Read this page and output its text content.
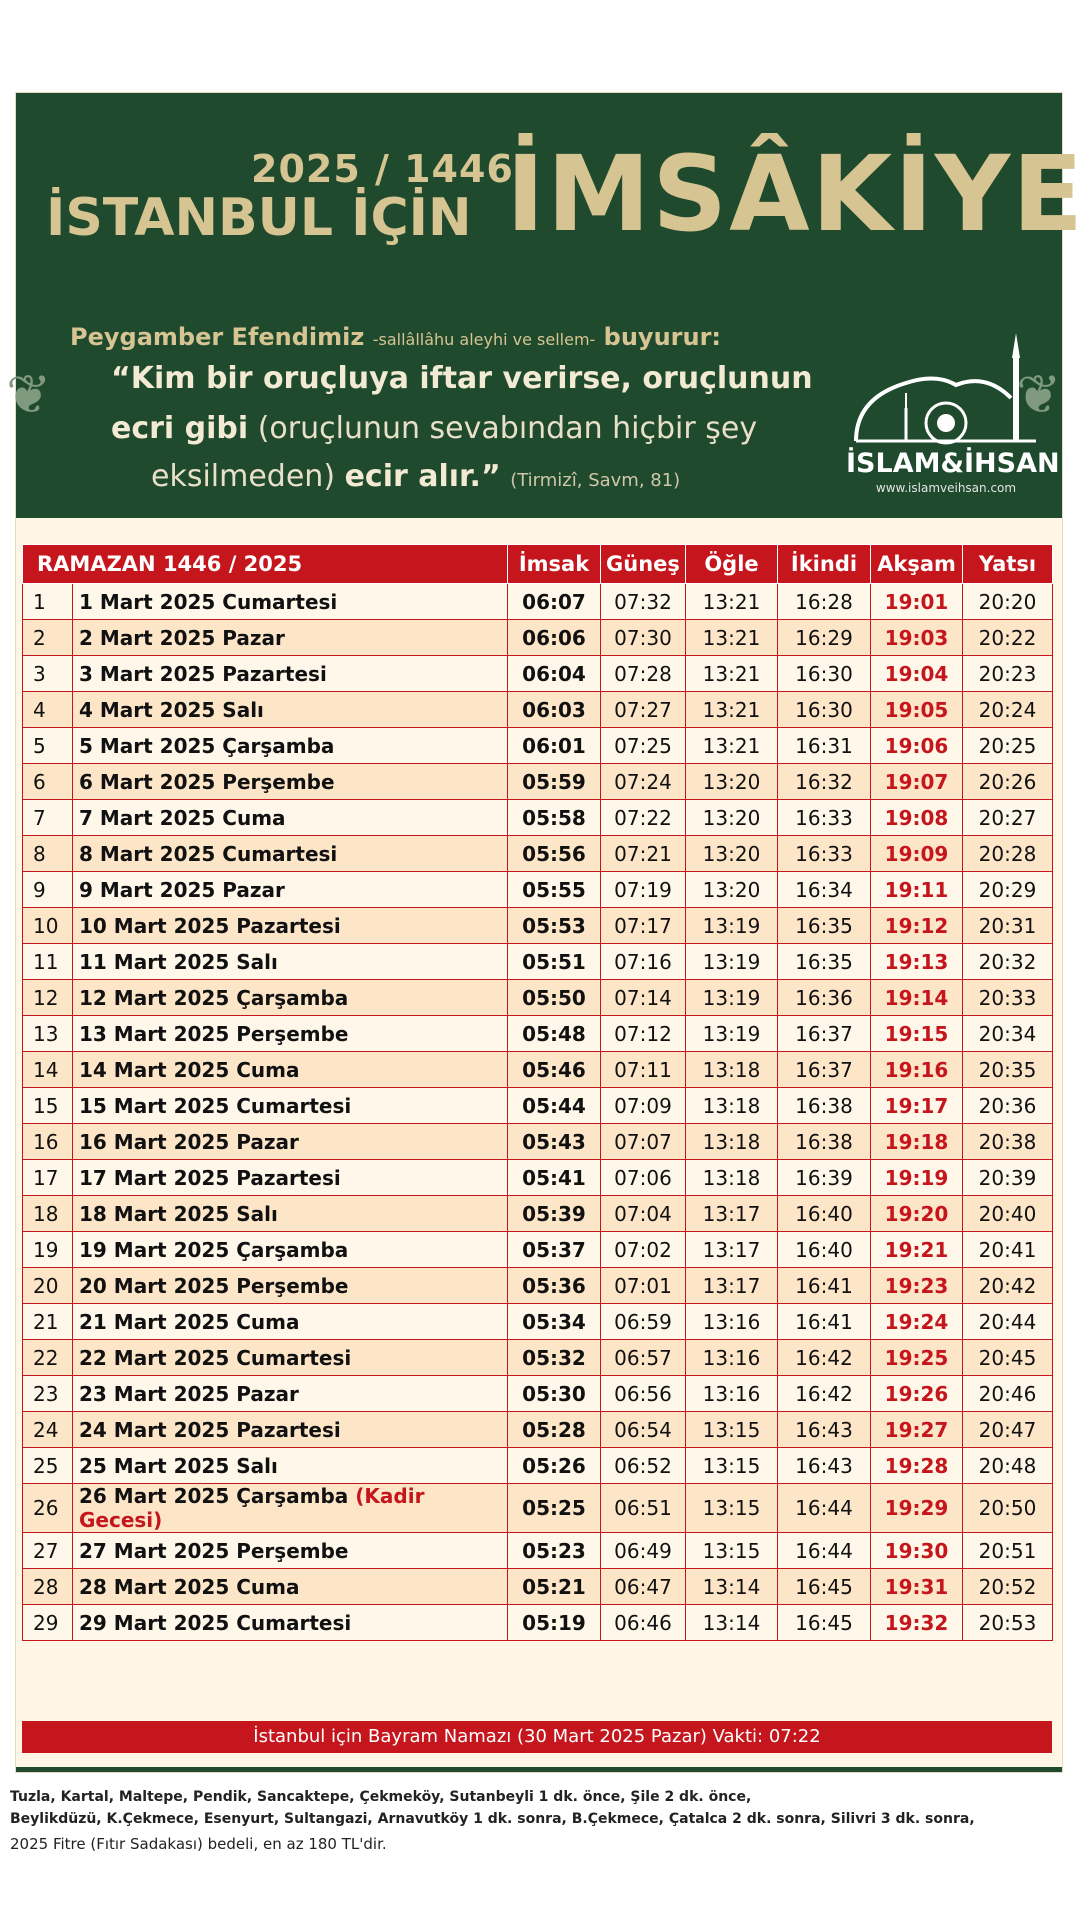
2025 / 1446
İSTANBUL İÇİN İMSÂKİYE
❦	❦
Peygamber Efendimiz -sallâllâhu aleyhi ve sellem- buyurur:
“Kim bir oruçluya iftar verirse, oruçlunun
ecri gibi (oruçlunun sevabından hiçbir şey
eksilmeden) ecir alır.” (Tirmizî, Savm, 81)
İSLAM&İHSAN
www.islamveihsan.com
RAMAZAN 1446 / 2025		İmsak	Güneş	Öğle	İkindi	Akşam	Yatsı
1	1 Mart 2025 Cumartesi	06:07	07:32	13:21	16:28	19:01	20:20
2	2 Mart 2025 Pazar	06:06	07:30	13:21	16:29	19:03	20:22
3	3 Mart 2025 Pazartesi	06:04	07:28	13:21	16:30	19:04	20:23
4	4 Mart 2025 Salı	06:03	07:27	13:21	16:30	19:05	20:24
5	5 Mart 2025 Çarşamba	06:01	07:25	13:21	16:31	19:06	20:25
6	6 Mart 2025 Perşembe	05:59	07:24	13:20	16:32	19:07	20:26
7	7 Mart 2025 Cuma	05:58	07:22	13:20	16:33	19:08	20:27
8	8 Mart 2025 Cumartesi	05:56	07:21	13:20	16:33	19:09	20:28
9	9 Mart 2025 Pazar	05:55	07:19	13:20	16:34	19:11	20:29
10	10 Mart 2025 Pazartesi	05:53	07:17	13:19	16:35	19:12	20:31
11	11 Mart 2025 Salı	05:51	07:16	13:19	16:35	19:13	20:32
12	12 Mart 2025 Çarşamba	05:50	07:14	13:19	16:36	19:14	20:33
13	13 Mart 2025 Perşembe	05:48	07:12	13:19	16:37	19:15	20:34
14	14 Mart 2025 Cuma	05:46	07:11	13:18	16:37	19:16	20:35
15	15 Mart 2025 Cumartesi	05:44	07:09	13:18	16:38	19:17	20:36
16	16 Mart 2025 Pazar	05:43	07:07	13:18	16:38	19:18	20:38
17	17 Mart 2025 Pazartesi	05:41	07:06	13:18	16:39	19:19	20:39
18	18 Mart 2025 Salı	05:39	07:04	13:17	16:40	19:20	20:40
19	19 Mart 2025 Çarşamba	05:37	07:02	13:17	16:40	19:21	20:41
20	20 Mart 2025 Perşembe	05:36	07:01	13:17	16:41	19:23	20:42
21	21 Mart 2025 Cuma	05:34	06:59	13:16	16:41	19:24	20:44
22	22 Mart 2025 Cumartesi	05:32	06:57	13:16	16:42	19:25	20:45
23	23 Mart 2025 Pazar	05:30	06:56	13:16	16:42	19:26	20:46
24	24 Mart 2025 Pazartesi	05:28	06:54	13:15	16:43	19:27	20:47
25	25 Mart 2025 Salı	05:26	06:52	13:15	16:43	19:28	20:48
26	26 Mart 2025 Çarşamba (Kadir Gecesi)	05:25	06:51	13:15	16:44	19:29	20:50
27	27 Mart 2025 Perşembe	05:23	06:49	13:15	16:44	19:30	20:51
28	28 Mart 2025 Cuma	05:21	06:47	13:14	16:45	19:31	20:52
29	29 Mart 2025 Cumartesi	05:19	06:46	13:14	16:45	19:32	20:53
İstanbul için Bayram Namazı (30 Mart 2025 Pazar) Vakti: 07:22
Tuzla, Kartal, Maltepe, Pendik, Sancaktepe, Çekmeköy, Sutanbeyli 1 dk. önce, Şile 2 dk. önce,
Beylikdüzü, K.Çekmece, Esenyurt, Sultangazi, Arnavutköy 1 dk. sonra, B.Çekmece, Çatalca 2 dk. sonra, Silivri 3 dk. sonra,
2025 Fitre (Fıtır Sadakası) bedeli, en az 180 TL'dir.
